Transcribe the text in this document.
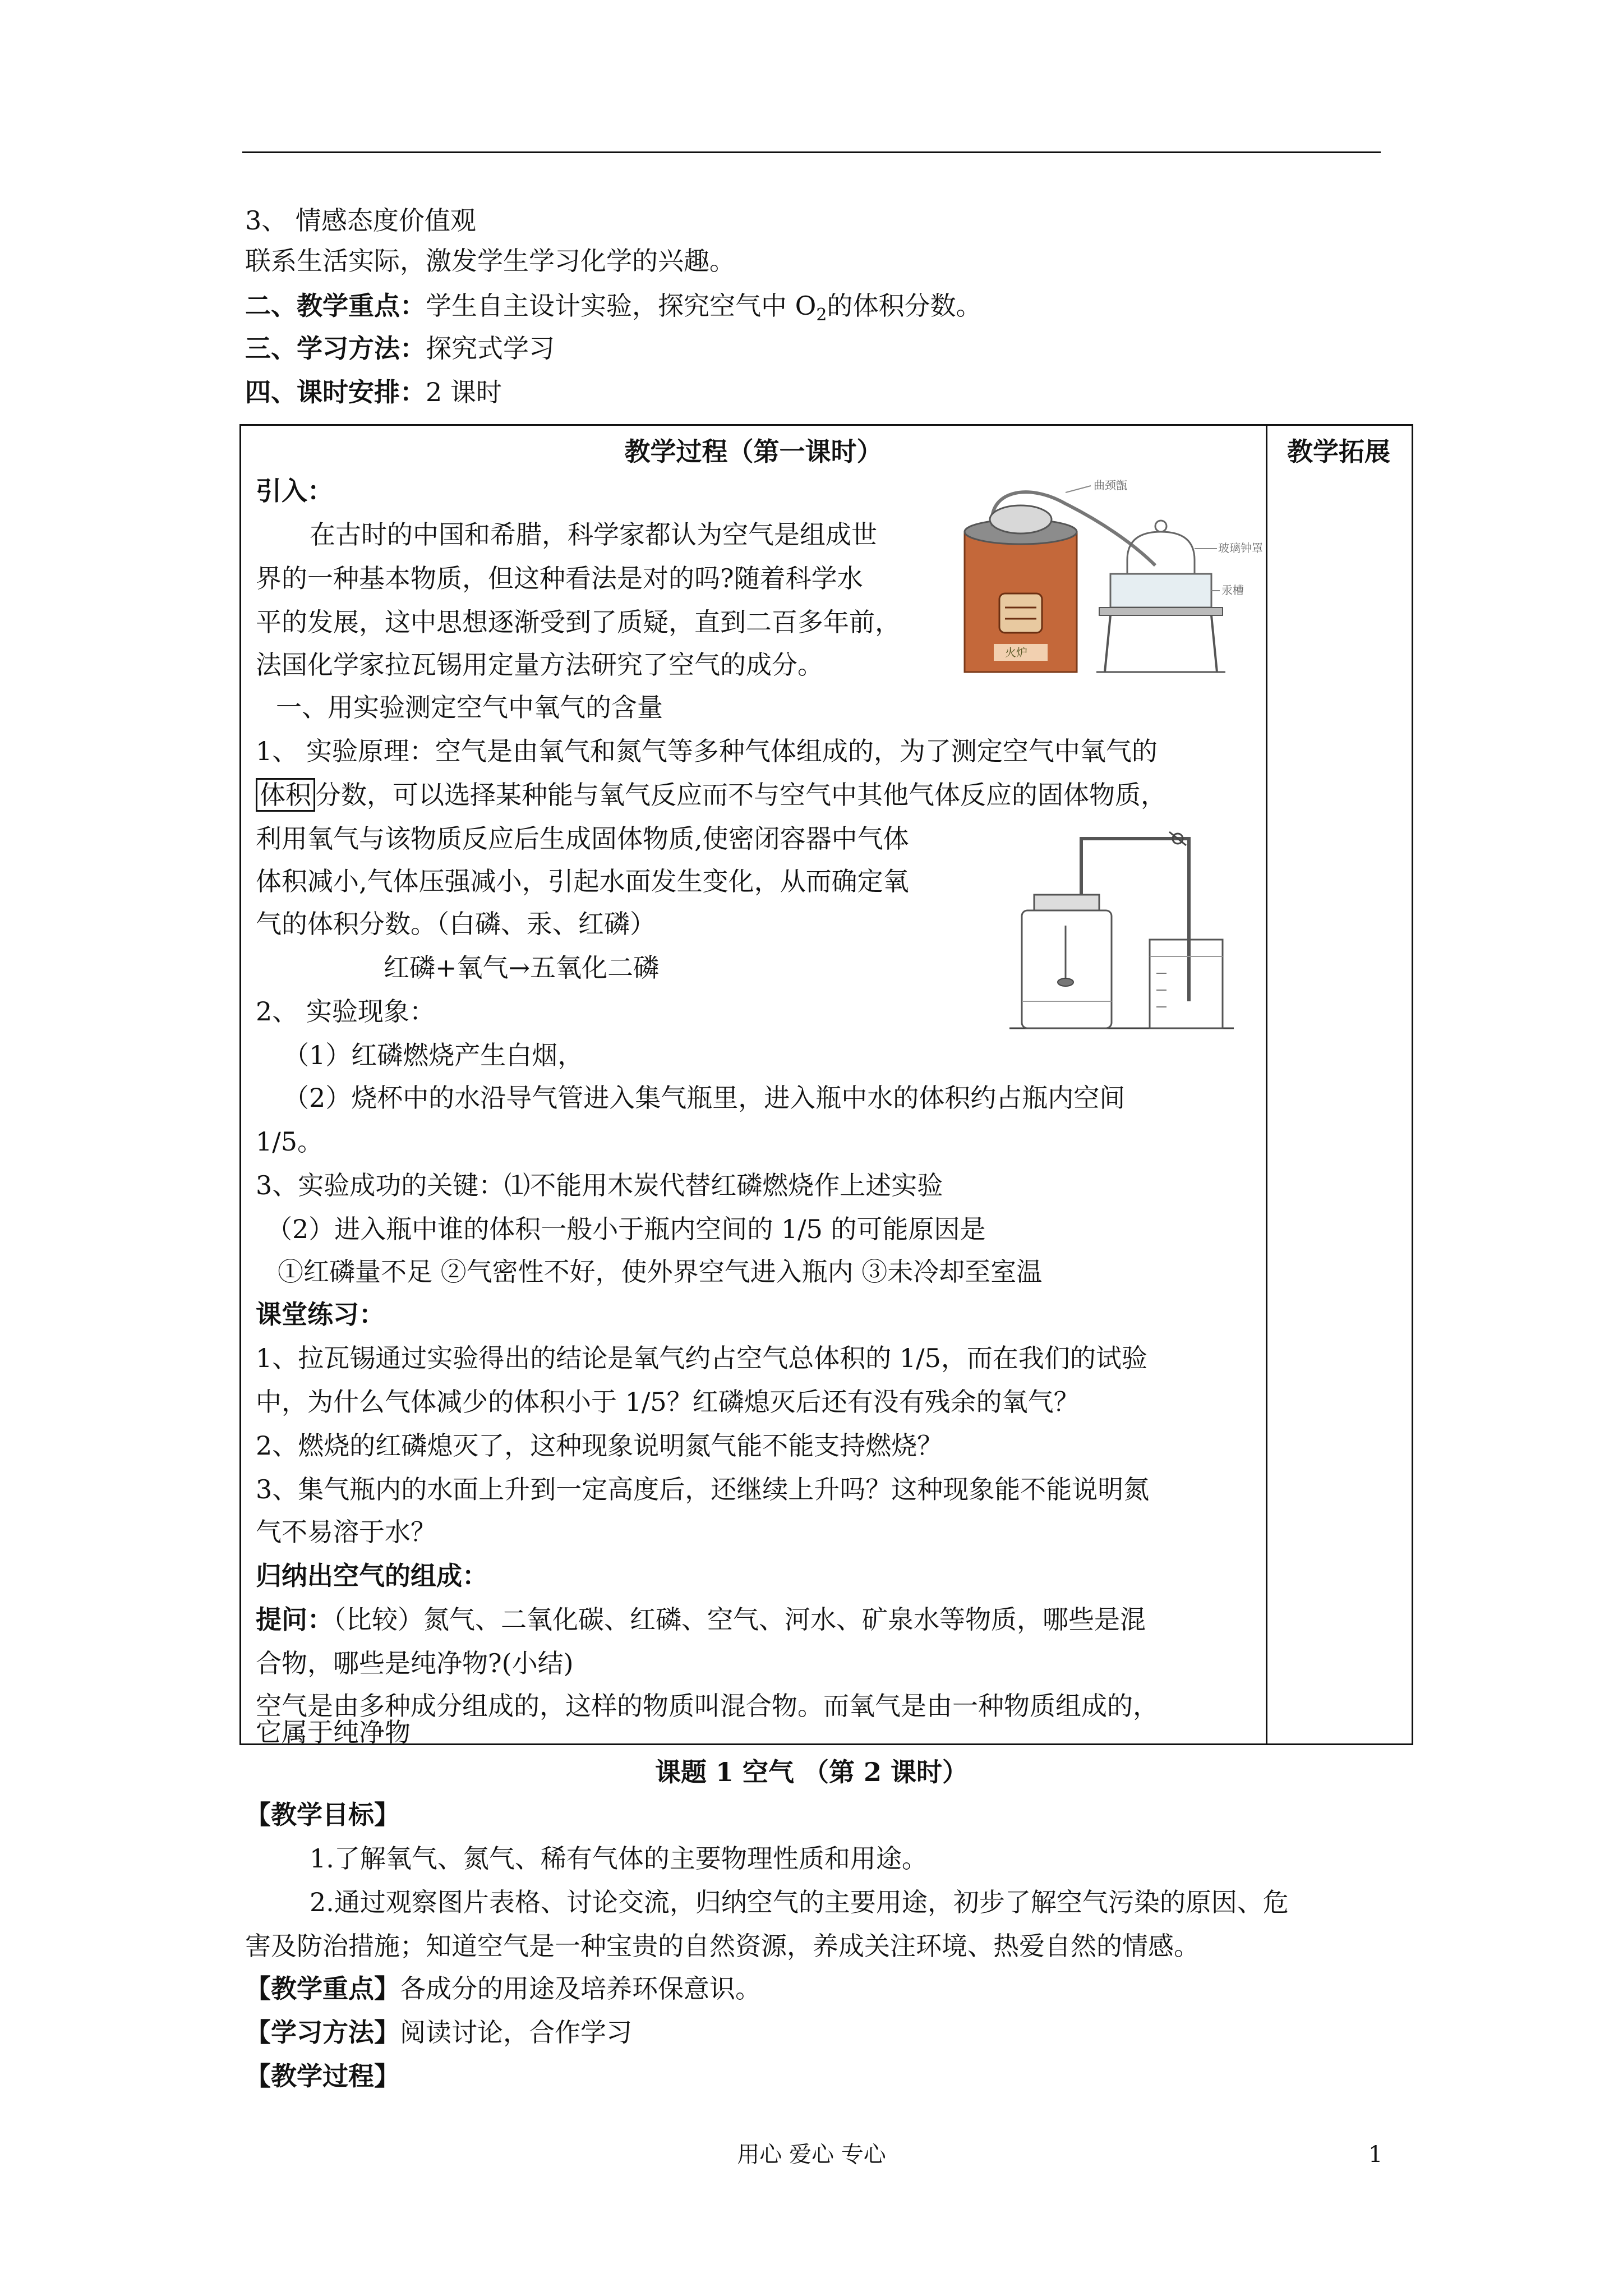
3、 情感态度价值观
联系生活实际，激发学生学习化学的兴趣。
二、教学重点：学生自主设计实验，探究空气中 $O_2$的体积分数。
三、学习方法：探究式学习
四、课时安排：2 课时
教学过程（第一课时）	教学拓展
引入：
在古时的中国和希腊，科学家都认为空气是组成世
界的一种基本物质，但这种看法是对的吗?随着科学水
平的发展，这中思想逐渐受到了质疑，直到二百多年前，
法国化学家拉瓦锡用定量方法研究了空气的成分。	火炉
曲颈甑
玻璃钟罩
汞槽
一、用实验测定空气中氧气的含量
1、 实验原理：空气是由氧气和氮气等多种气体组成的，为了测定空气中氧气的
体积 分数，可以选择某种能与氧气反应而不与空气中其他气体反应的固体物质，
利用氧气与该物质反应后生成固体物质,使密闭容器中气体
体积减小,气体压强减小，引起水面发生变化，从而确定氧
气的体积分数。（白磷、汞、红磷）
红磷+氧气→五氧化二磷
2、 实验现象：
（1）红磷燃烧产生白烟，
（2）烧杯中的水沿导气管进入集气瓶里，进入瓶中水的体积约占瓶内空间
1/5。
3、实验成功的关键：⑴不能用木炭代替红磷燃烧作上述实验
（2）进入瓶中谁的体积一般小于瓶内空间的 1/5 的可能原因是
①红磷量不足 ②气密性不好，使外界空气进入瓶内 ③未冷却至室温
课堂练习：
1、拉瓦锡通过实验得出的结论是氧气约占空气总体积的 1/5，而在我们的试验
中，为什么气体减少的体积小于 1/5？红磷熄灭后还有没有残余的氧气？
2、燃烧的红磷熄灭了，这种现象说明氮气能不能支持燃烧？
3、集气瓶内的水面上升到一定高度后，还继续上升吗？这种现象能不能说明氮
气不易溶于水？
归纳出空气的组成：
提问：（比较）氮气、二氧化碳、红磷、空气、河水、矿泉水等物质，哪些是混
合物，哪些是纯净物?(小结)
空气是由多种成分组成的，这样的物质叫混合物。而氧气是由一种物质组成的，
它属于纯净物
课题 1 空气 （第 2 课时）
【教学目标】
1.了解氧气、氮气、稀有气体的主要物理性质和用途。
2.通过观察图片表格、讨论交流，归纳空气的主要用途，初步了解空气污染的原因、危
害及防治措施；知道空气是一种宝贵的自然资源，养成关注环境、热爱自然的情感。
【教学重点】各成分的用途及培养环保意识。
【学习方法】阅读讨论，合作学习
【教学过程】
用心 爱心 专心	1
